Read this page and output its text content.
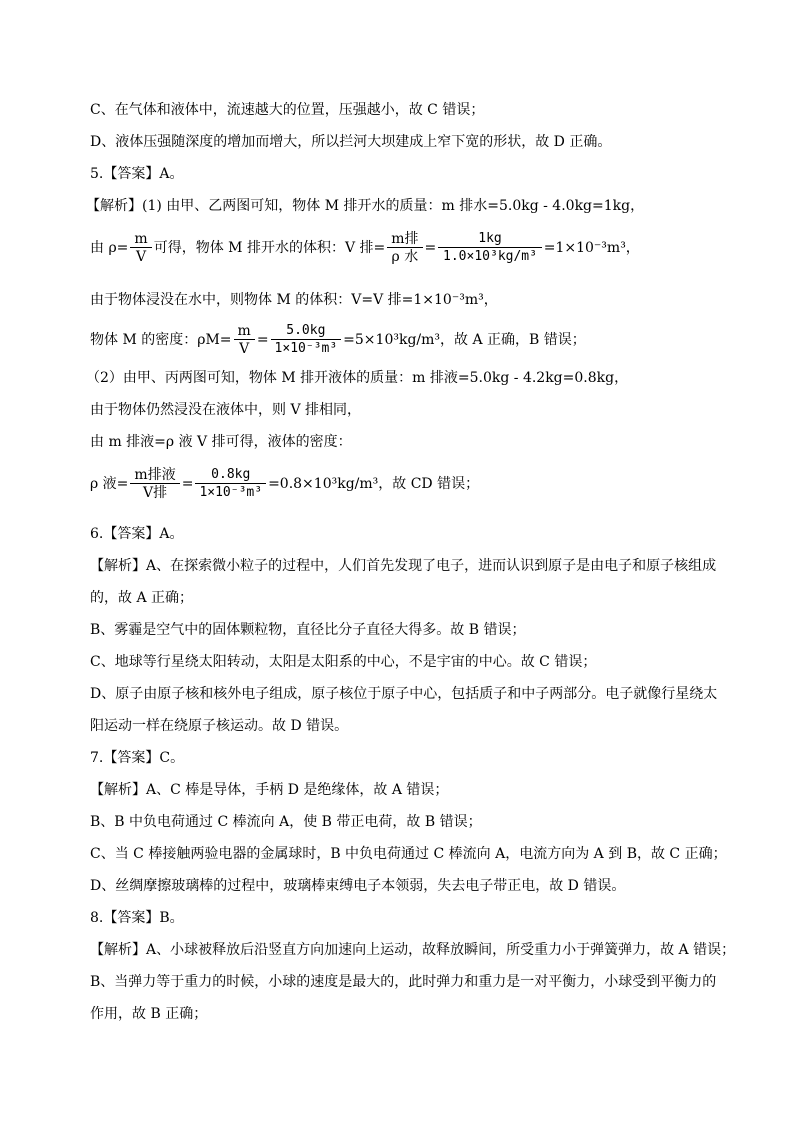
C、在气体和液体中，流速越大的位置，压强越小，故 C 错误；
D、液体压强随深度的增加而增大，所以拦河大坝建成上窄下宽的形状，故 D 正确。
5.【答案】A。
【解析】(1) 由甲、乙两图可知，物体 M 排开水的质量：m 排水=5.0kg - 4.0kg=1kg，
由 $\rho= \frac{m}{V}$ 可得，物体 M 排开水的体积：V 排= $\frac{\text{m排}}{\text{ρ 水}} = \frac{1kg}{\text{1.0×10³kg/m³}} =1\times 10^{-3}m^3$，
由于物体浸没在水中，则物体 M 的体积：V=V 排=1×10⁻³m³，
物体 M 的密度：$\rho M= \frac{m}{V} = \frac{5.0kg}{\text{1×10⁻³m³}} =5\times 10^3kg/m^3$，故 A 正确，B 错误；
（2）由甲、丙两图可知，物体 M 排开液体的质量：m 排液=5.0kg - 4.2kg=0.8kg，
由于物体仍然浸没在液体中，则 V 排相同，
由 m 排液=ρ 液 V 排可得，液体的密度：
ρ 液= $\frac{\text{m排液}}{\text{V排}} = \frac{0.8kg}{\text{1×10⁻³m³}} =0.8\times 10^3kg/m^3$，故 CD 错误；
6.【答案】A。
【解析】A、在探索微小粒子的过程中，人们首先发现了电子，进而认识到原子是由电子和原子核组成
的，故 A 正确；
B、雾霾是空气中的固体颗粒物，直径比分子直径大得多。故 B 错误；
C、地球等行星绕太阳转动，太阳是太阳系的中心，不是宇宙的中心。故 C 错误；
D、原子由原子核和核外电子组成，原子核位于原子中心，包括质子和中子两部分。电子就像行星绕太
阳运动一样在绕原子核运动。故 D 错误。
7.【答案】C。
【解析】A、C 棒是导体，手柄 D 是绝缘体，故 A 错误；
B、B 中负电荷通过 C 棒流向 A，使 B 带正电荷，故 B 错误；
C、当 C 棒接触两验电器的金属球时，B 中负电荷通过 C 棒流向 A，电流方向为 A 到 B，故 C 正确；
D、丝绸摩擦玻璃棒的过程中，玻璃棒束缚电子本领弱，失去电子带正电，故 D 错误。
8.【答案】B。
【解析】A、小球被释放后沿竖直方向加速向上运动，故释放瞬间，所受重力小于弹簧弹力，故 A 错误；
B、当弹力等于重力的时候，小球的速度是最大的，此时弹力和重力是一对平衡力，小球受到平衡力的
作用，故 B 正确；
